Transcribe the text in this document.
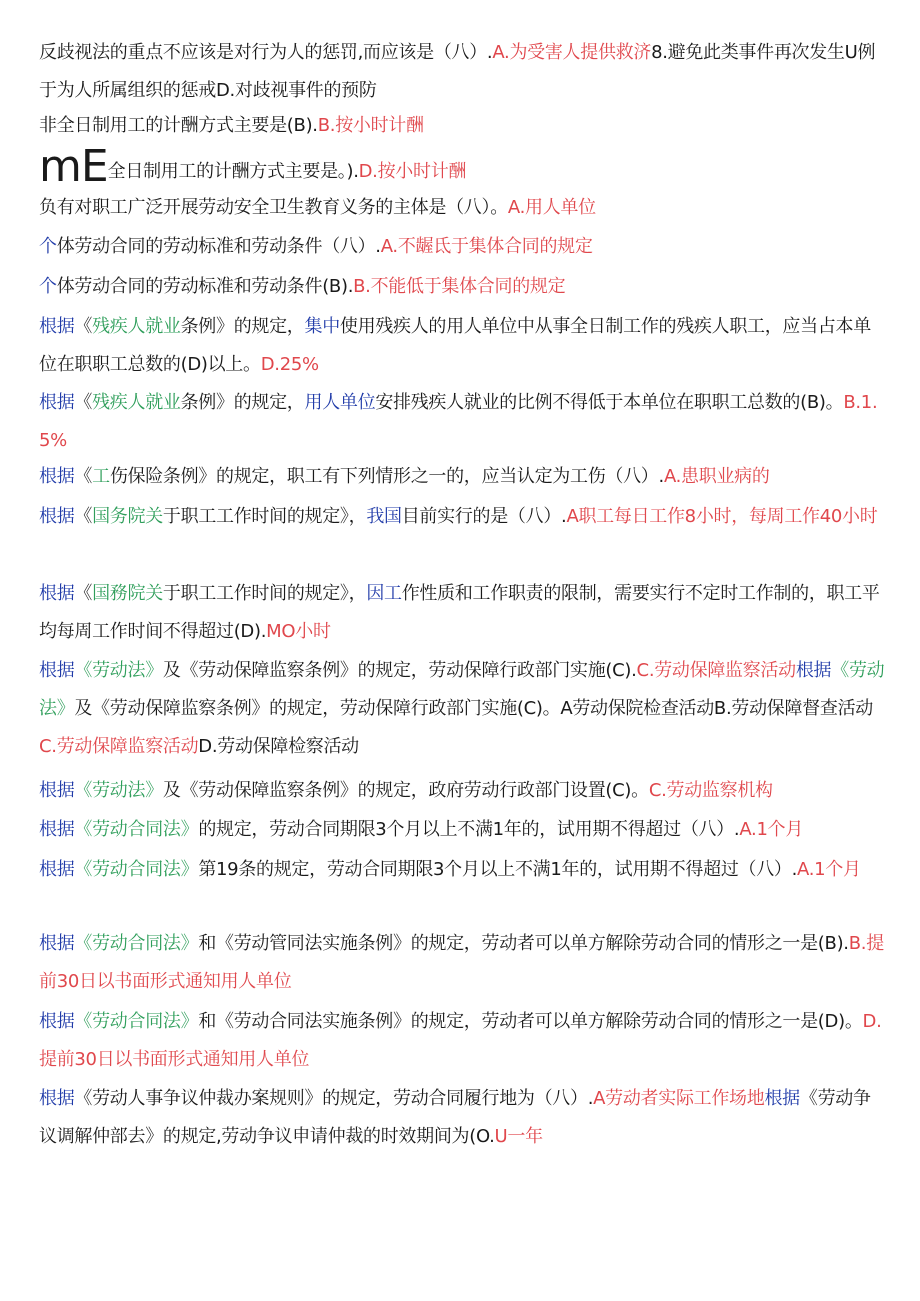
反歧视法的重点不应该是对行为人的惩罚,而应该是（八）.A.为受害人提供救济8.避免此类事件再次发生U例于为人所属组织的惩戒D.对歧视事件的预防
非全日制用工的计酬方式主要是(B).B.按小时计酬
mE全日制用工的计酬方式主要是。).D.按小时计酬
负有对职工广泛开展劳动安全卫生教育义务的主体是（八）。A.用人单位
个体劳动合同的劳动标准和劳动条件（八）.A.不龌氐于集体合同的规定
个体劳动合同的劳动标准和劳动条件(B).B.不能低于集体合同的规定
根据《残疾人就业条例》的规定，集中使用残疾人的用人单位中从事全日制工作的残疾人职工，应当占本单位在职职工总数的(D)以上。D.25%
根据《残疾人就业条例》的规定，用人单位安排残疾人就业的比例不得低于本单位在职职工总数的(B)。B.1.5%
根据《工伤保险条例》的规定，职工有下列情形之一的，应当认定为工伤（八）.A.患职业病的
根据《国务院关于职工工作时间的规定》，我国目前实行的是（八）.A职工每日工作8小时，每周工作40小时
根据《国務院关于职工工作时间的规定》，因工作性质和工作职责的限制，需要实行不定时工作制的，职工平均每周工作时间不得超过(D).MO小时
根据《劳动法》及《劳动保障监察条例》的规定，劳动保障行政部门实施(C).C.劳动保障监察活动根据《劳动法》及《劳动保障监察条例》的规定，劳动保障行政部门实施(C)。A劳动保院检查活动B.劳动保障督查活动C.劳动保障监察活动D.劳动保障检察活动
根据《劳动法》及《劳动保障监察条例》的规定，政府劳动行政部门设置(C)。C.劳动监察机构
根据《劳动合同法》的规定，劳动合同期限3个月以上不满1年的，试用期不得超过（八）.A.1个月
根据《劳动合同法》第19条的规定，劳动合同期限3个月以上不满1年的，试用期不得超过（八）.A.1个月
根据《劳动合同法》和《劳动管同法实施条例》的规定，劳动者可以单方解除劳动合同的情形之一是(B).B.提前30日以书面形式通知用人单位
根据《劳动合同法》和《劳动合同法实施条例》的规定，劳动者可以单方解除劳动合同的情形之一是(D)。D.提前30日以书面形式通知用人单位
根据《劳动人事争议仲裁办案规则》的规定，劳动合同履行地为（八）.A劳动者实际工作场地根据《劳动争议调解仲部去》的规定,劳动争议申请仲裁的时效期间为(O.U一年
